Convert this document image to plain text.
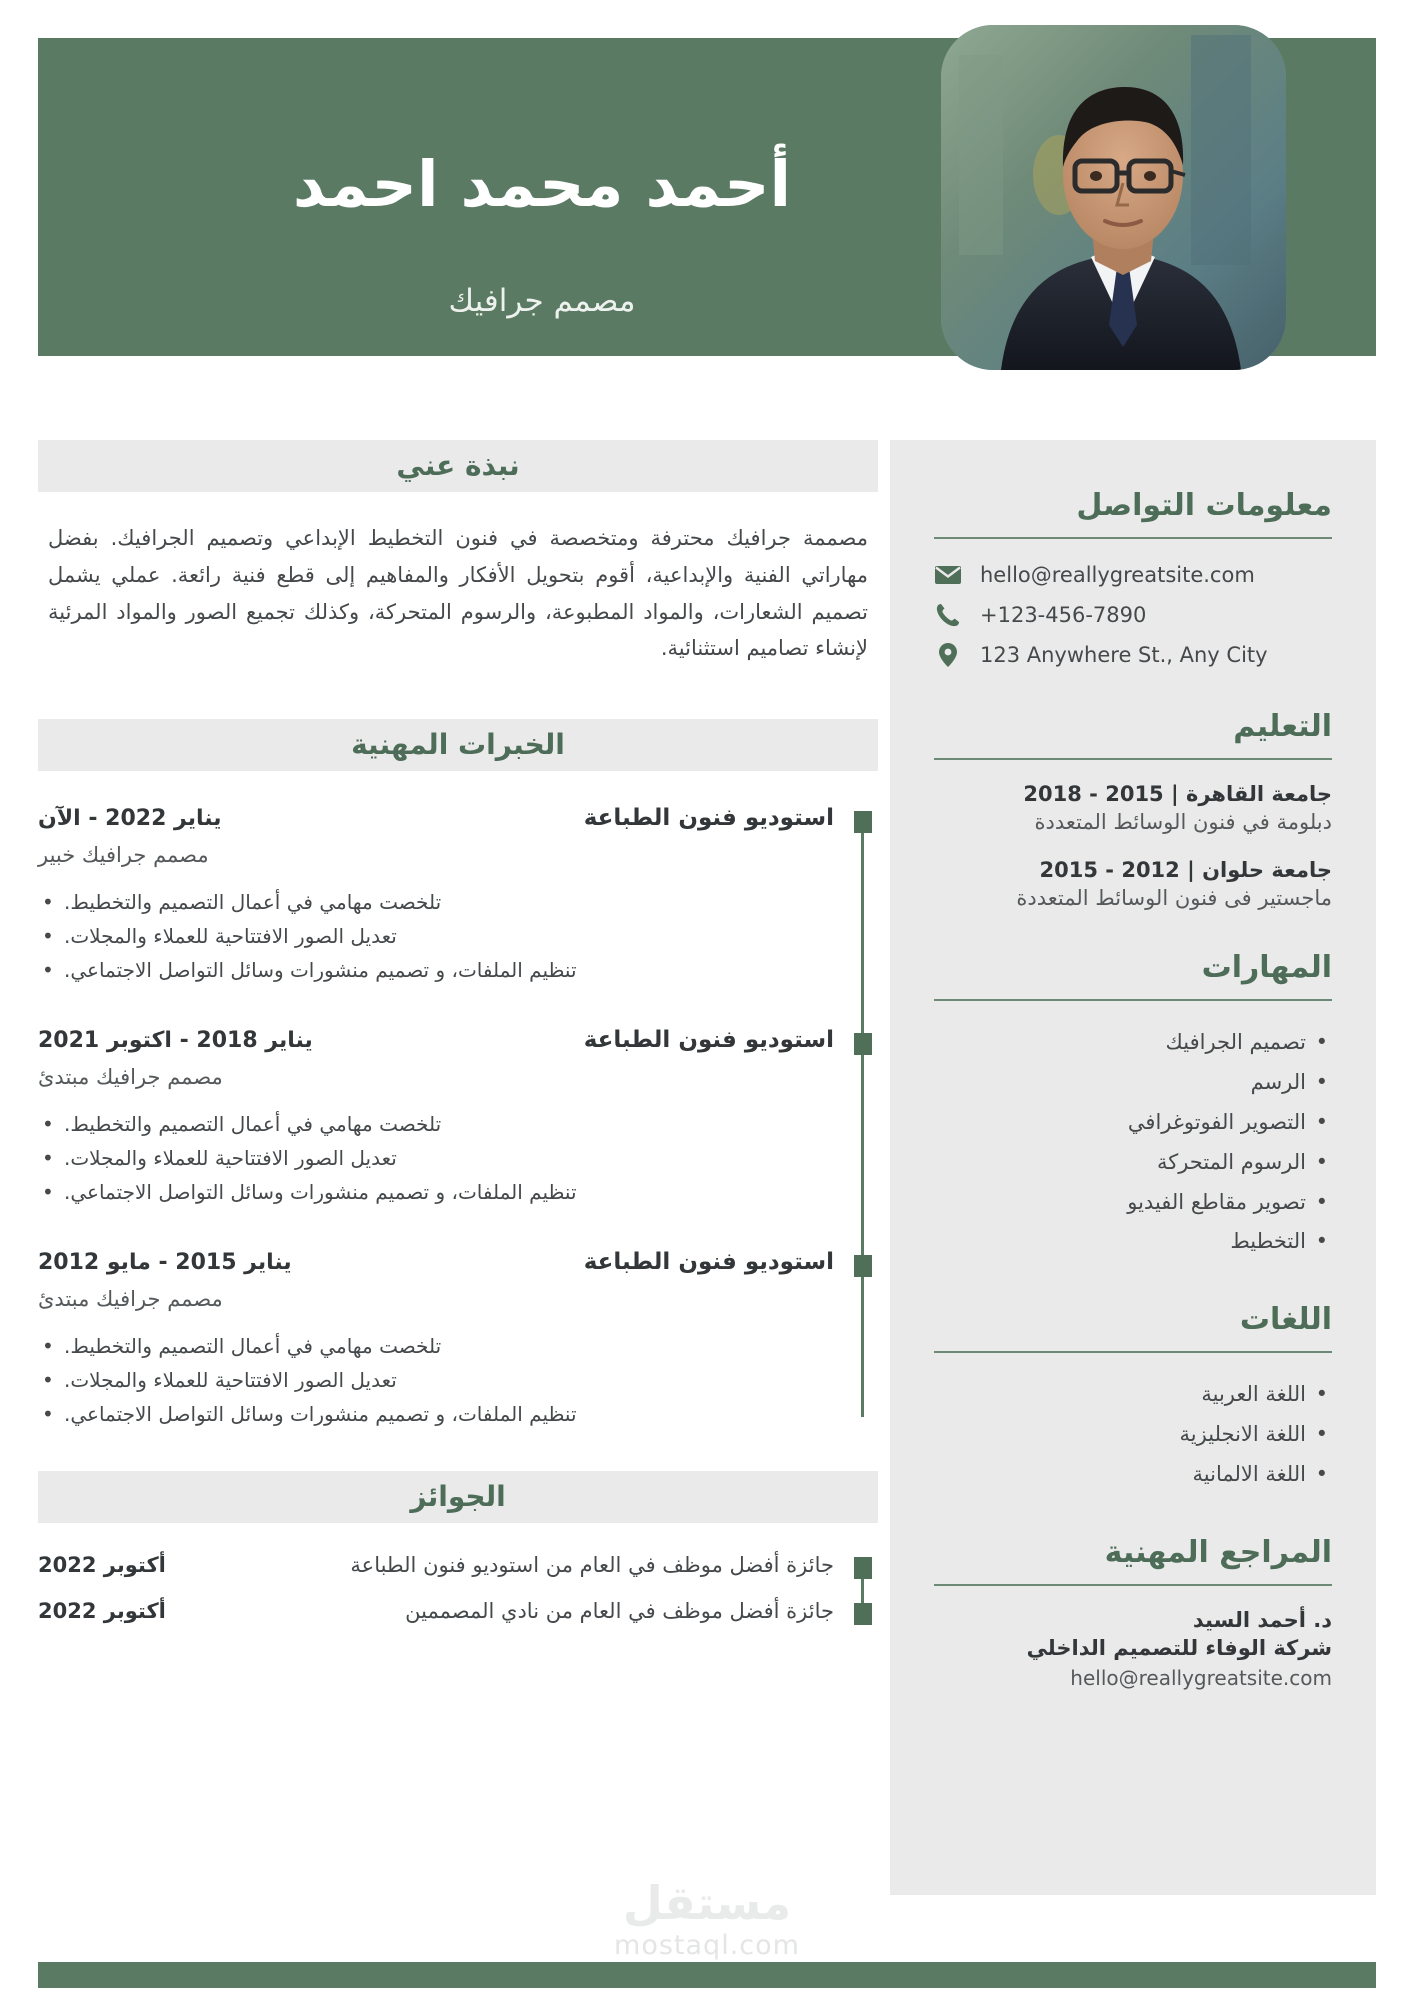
أحمد محمد احمد
مصمم جرافيك
نبذة عني

مصممة جرافيك محترفة ومتخصصة في فنون التخطيط الإبداعي وتصميم الجرافيك. بفضل مهاراتي الفنية والإبداعية، أقوم بتحويل الأفكار والمفاهيم إلى قطع فنية رائعة. عملي يشمل تصميم الشعارات، والمواد المطبوعة، والرسوم المتحركة، وكذلك تجميع الصور والمواد المرئية لإنشاء تصاميم استثنائية.

الخبرات المهنية
استوديو فنون الطباعة
يناير 2022 - الآن
مصمم جرافيك خبير
• تلخصت مهامي في أعمال التصميم والتخطيط.
• تعديل الصور الافتتاحية للعملاء والمجلات.
• تنظيم الملفات، و تصميم منشورات وسائل التواصل الاجتماعي.
استوديو فنون الطباعة
يناير 2018 - اكتوبر 2021
مصمم جرافيك مبتدئ
• تلخصت مهامي في أعمال التصميم والتخطيط.
• تعديل الصور الافتتاحية للعملاء والمجلات.
• تنظيم الملفات، و تصميم منشورات وسائل التواصل الاجتماعي.
استوديو فنون الطباعة
يناير 2015 - مايو 2012
مصمم جرافيك مبتدئ
• تلخصت مهامي في أعمال التصميم والتخطيط.
• تعديل الصور الافتتاحية للعملاء والمجلات.
• تنظيم الملفات، و تصميم منشورات وسائل التواصل الاجتماعي.
الجوائز
جائزة أفضل موظف في العام من استوديو فنون الطباعة
أكتوبر 2022
جائزة أفضل موظف في العام من نادي المصممين
أكتوبر 2022
معلومات التواصل
hello@reallygreatsite.com
+123-456-7890
123 Anywhere St., Any City
التعليم
جامعة القاهرة | 2015 - 2018
دبلومة في فنون الوسائط المتعددة
جامعة حلوان | 2012 - 2015
ماجستير فى فنون الوسائط المتعددة
المهارات
• تصميم الجرافيك
• الرسم
• التصوير الفوتوغرافي
• الرسوم المتحركة
• تصوير مقاطع الفيديو
• التخطيط
اللغات
• اللغة العربية
• اللغة الانجليزية
• اللغة الالمانية
المراجع المهنية
د. أحمد السيد
شركة الوفاء للتصميم الداخلي
hello@reallygreatsite.com
مستقل
mostaql.com
